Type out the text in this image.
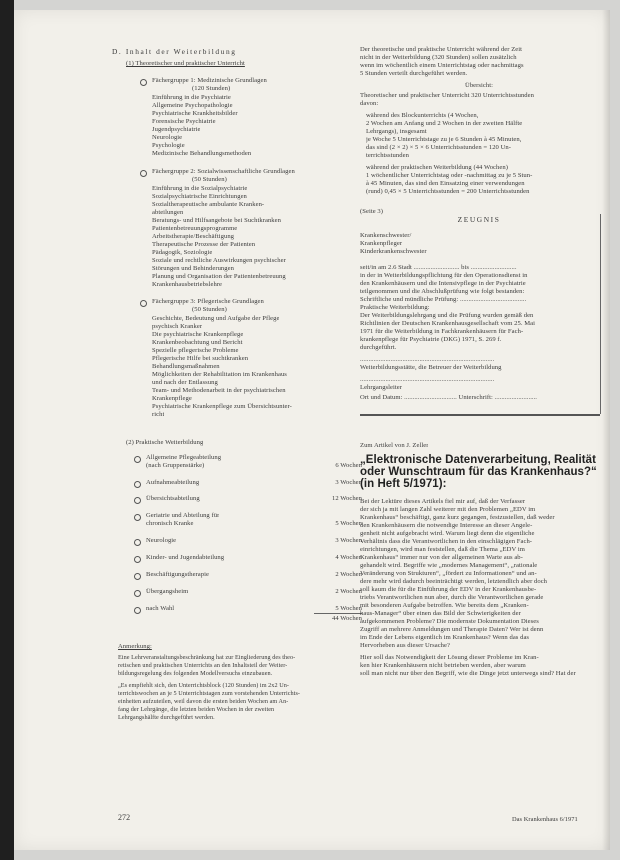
D. Inhalt der Weiterbildung
(1) Theoretischer und praktischer Unterricht
Fächergruppe 1: Medizinische Grundlagen
(120 Stunden)
Einführung in die Psychiatrie
Allgemeine Psychopathologie
Psychiatrische Krankheitsbilder
Forensische Psychiatrie
Jugendpsychiatrie
Neurologie
Psychologie
Medizinische Behandlungsmethoden
Fächergruppe 2: Sozialwissenschaftliche Grundlagen
(50 Stunden)
Einführung in die Sozialpsychiatrie
Sozialpsychiatrische Einrichtungen
Sozialtherapeutische ambulante Kranken-
abteilungen
Beratungs- und Hilfsangebote bei Suchtkranken
Patientenbetreuungsprogramme
Arbeitstherapie/Beschäftigung
Therapeutische Prozesse der Patienten
Pädagogik, Soziologie
Soziale und rechtliche Auswirkungen psychischer
Störungen und Behinderungen
Planung und Organisation der Patientenbetreuung
Krankenhausbetriebslehre
Fächergruppe 3: Pflegerische Grundlagen
(50 Stunden)
Geschichte, Bedeutung und Aufgabe der Pflege
psychisch Kranker
Die psychiatrische Krankenpflege
Krankenbeobachtung und Bericht
Spezielle pflegerische Probleme
Pflegerische Hilfe bei suchtkranken
Behandlungsmaßnahmen
Möglichkeiten der Rehabilitation im Krankenhaus
und nach der Entlassung
Team- und Methodenarbeit in der psychiatrischen
Krankenpflege
Psychiatrische Krankenpflege zum Übersichtsunter-
richt
(2) Praktische Weiterbildung
Allgemeine Pflegeabteilung
(nach Gruppenstärke)	6 Wochen
Aufnahmeabteilung	3 Wochen
Übersichtsabteilung	12 Wochen
Geriatrie und Abteilung für
chronisch Kranke	5 Wochen
Neurologie	3 Wochen
Kinder- und Jugendabteilung	4 Wochen
Beschäftigungstherapie	2 Wochen
Übergangsheim	2 Wochen
nach Wahl	5 Wochen
44 Wochen
Anmerkung:
Eine Lehrveranstaltungsbeschränkung hat zur Eingliederung des theo-
retischen und praktischen Unterrichts an den Inhaltsteil der Weiter-
bildungsregelung des folgenden Modellversuchs einzubauen.
„Es empfiehlt sich, den Unterrichtsblock (120 Stunden) im 2x2 Un-
terrichtswochen an je 5 Unterrichtstagen zum vorstehenden Unterrichts-
einheiten aufzuteilen, weil davon die ersten beiden Wochen am An-
fang der Lehrgänge, die letzten beiden Wochen in der zweiten
Lehrgangshälfte durchgeführt werden.
272
Der theoretische und praktische Unterricht während der Zeit
nicht in der Weiterbildung (320 Stunden) sollen zusätzlich
wenn im wöchentlich einem Unterrichtstag oder nachmittags
5 Stunden verteilt durchgeführt werden.
Übersicht:
Theoretischer und praktischer Unterricht 320 Unterrichtsstunden
davon:
während des Blockunterrichts (4 Wochen,
2 Wochen am Anfang und 2 Wochen in der zweiten Hälfte
Lehrgangs), insgesamt
je Woche 5 Unterrichtstage zu je 6 Stunden à 45 Minuten,
das sind (2 × 2) × 5 × 6 Unterrichtsstunden = 120 Un-
terrichtsstunden
während der praktischen Weiterbildung (44 Wochen)
1 wöchentlicher Unterrichtstag oder -nachmittag zu je 5 Stun-
à 45 Minuten, das sind den Einsatzing einer verwendungen
(rund) 0,45 × 5 Unterrichtsstunden = 200 Unterrichtsstunden
(Seite 3)
ZEUGNIS
Krankenschwester/
Krankenpfleger
Kinderkrankenschwester
seit/in am 2.6 Stadt ........................... bis ...........................
in der in Weiterbildungspflichtung für den Operationsdienst in
den Krankenhäusern und die Intensivpflege in der Psychiatrie
teilgenommen und die Abschlußprüfung wie folgt bestanden:
Schriftliche und mündliche Prüfung: .......................................
Praktische Weiterbildung:
Der Weiterbildungslehrgang und die Prüfung wurden gemäß den
Richtlinien der Deutschen Krankenhausgesellschaft vom 25. Mai
1971 für die Weiterbildung in Fachkrankenhäusern für Fach-
krankenpflege für Psychiatrie (DKG) 1971, S. 269 f.
durchgeführt.
...............................................................................
Weiterbildungsstätte, die Betreuer der Weiterbildung
...............................................................................
Lehrgangsleiter
Ort und Datum: ............................... Unterschrift: .........................
Zum Artikel von J. Zeller
„Elektronische Datenverarbeitung, Realität
oder Wunschtraum für das Krankenhaus?“
(in Heft 5/1971):
Bei der Lektüre dieses Artikels fiel mir auf, daß der Verfasser
der sich ja mit langen Zahl weiterer mit den Problemen „EDV im
Krankenhaus“ beschäftigt, ganz kurz gegangen, festzustellen, daß weder
den Krankenhäusern die notwendige Interesse an dieser Angele-
genheit nicht aufgebracht wird. Warum liegt denn die eigentliche
Verhältnis dass die Verantwortlichen in den einschlägigen Fach-
einrichtungen, wird man feststellen, daß die Thema „EDV im
Krankenhaus“ immer nur von der allgemeinen Warte aus ab-
gehandelt wird. Begriffe wie „modernes Management“, „rationale
Veränderung von Strukturen“, „fördert zu Informationen“ und an-
dere mehr wird dadurch beeinträchtigt werden, letztendlich aber doch
soll kaum die für die Einführung der EDV in der Krankenhausbe-
triebs Verantwortlichen nun aber, durch die Verantwortlichen gerade
mit besonderen Aufgabe betroffen. Wie bereits dem „Kranken-
haus-Manager“ über einen das Bild der Schwierigkeiten der
aufgekommenen Probleme? Die modernste Dokumentation Dieses
Zugriff an mehrere Anmeldungen und Therapie Daten? Wer ist denn
im Ende der Lebens eigentlich im Krankenhaus? Wenn das das
Hervorheben aus dieser Ursache?
Hier soll das Notwendigkeit der Lösung dieser Probleme im Kran-
ken hier Krankenhäusern nicht betrieben werden, aber warum
soll man nicht nur über den Begriff, wie die Dinge jetzt unterwegs sind? Hat der
Das Krankenhaus 6/1971
